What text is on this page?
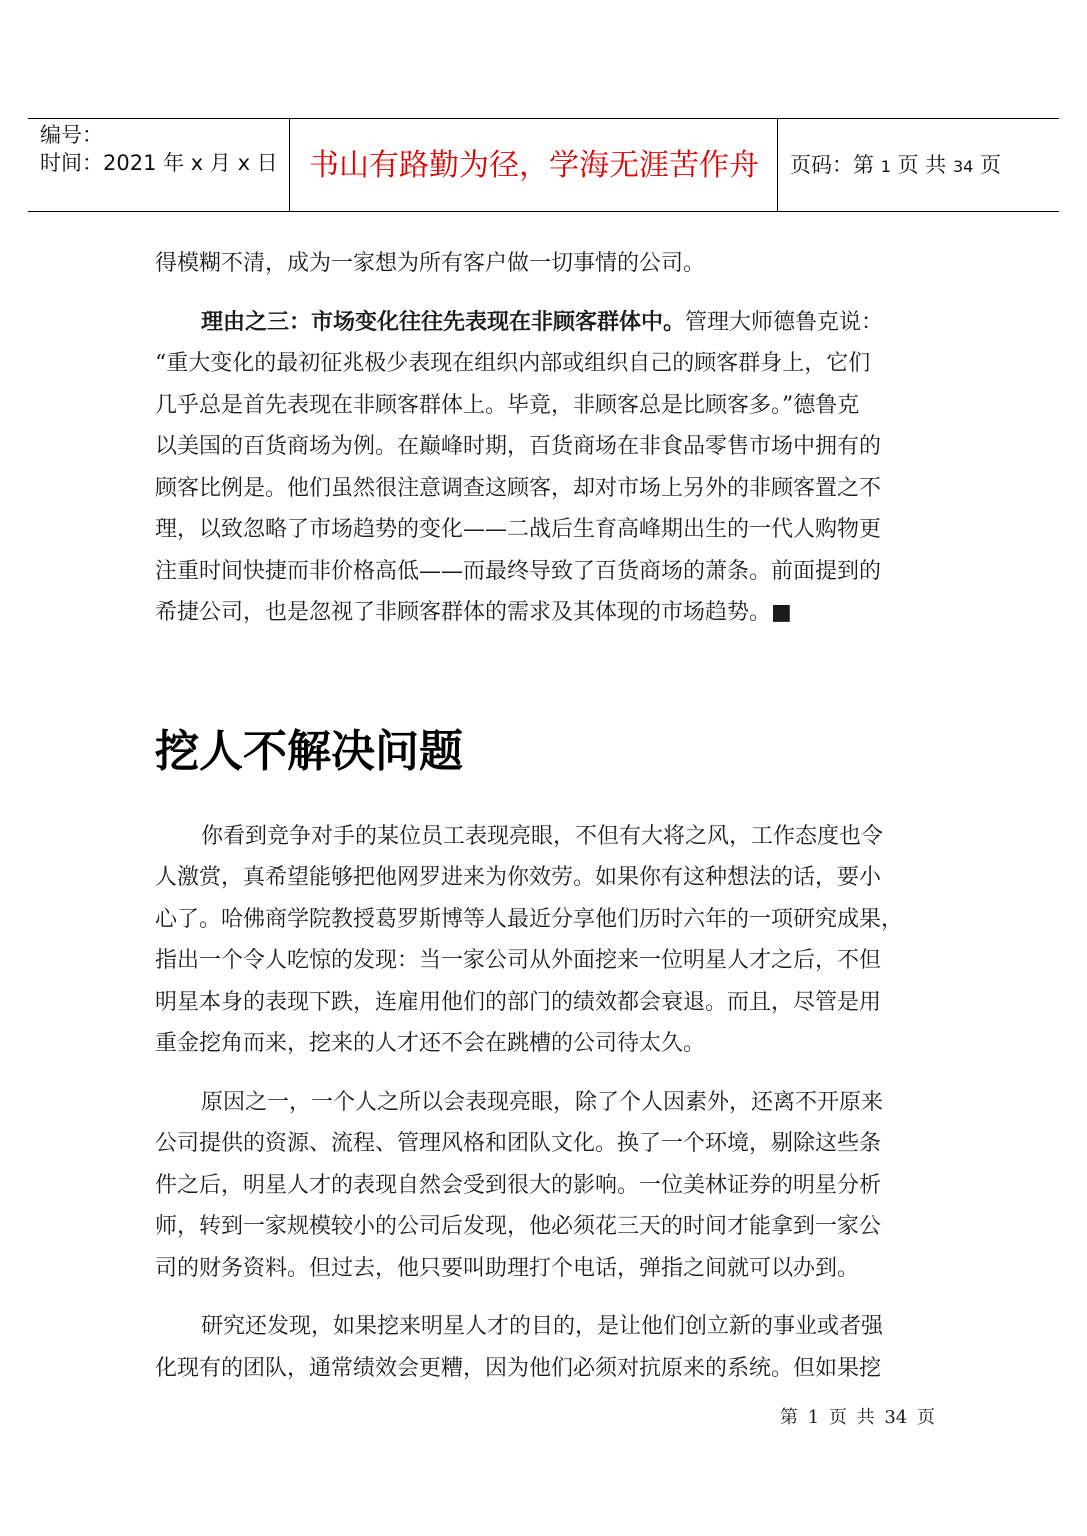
编号：
时间：2021 年 x 月 x 日	书山有路勤为径，学海无涯苦作舟	页码：第 1 页 共 34 页
得模糊不清，成为一家想为所有客户做一切事情的公司。
理由之三：市场变化往往先表现在非顾客群体中。管理大师德鲁克说：
“重大变化的最初征兆极少表现在组织内部或组织自己的顾客群身上，它们
几乎总是首先表现在非顾客群体上。毕竟，非顾客总是比顾客多。”德鲁克
以美国的百货商场为例。在巅峰时期，百货商场在非食品零售市场中拥有的
顾客比例是。他们虽然很注意调查这顾客，却对市场上另外的非顾客置之不
理，以致忽略了市场趋势的变化——二战后生育高峰期出生的一代人购物更
注重时间快捷而非价格高低——而最终导致了百货商场的萧条。前面提到的
希捷公司，也是忽视了非顾客群体的需求及其体现的市场趋势。■
挖人不解决问题
你看到竞争对手的某位员工表现亮眼，不但有大将之风，工作态度也令
人激赏，真希望能够把他网罗进来为你效劳。如果你有这种想法的话，要小
心了。哈佛商学院教授葛罗斯博等人最近分享他们历时六年的一项研究成果，
指出一个令人吃惊的发现：当一家公司从外面挖来一位明星人才之后，不但
明星本身的表现下跌，连雇用他们的部门的绩效都会衰退。而且，尽管是用
重金挖角而来，挖来的人才还不会在跳槽的公司待太久。
原因之一，一个人之所以会表现亮眼，除了个人因素外，还离不开原来
公司提供的资源、流程、管理风格和团队文化。换了一个环境，剔除这些条
件之后，明星人才的表现自然会受到很大的影响。一位美林证券的明星分析
师，转到一家规模较小的公司后发现，他必须花三天的时间才能拿到一家公
司的财务资料。但过去，他只要叫助理打个电话，弹指之间就可以办到。
研究还发现，如果挖来明星人才的目的，是让他们创立新的事业或者强
化现有的团队，通常绩效会更糟，因为他们必须对抗原来的系统。但如果挖
第 1 页 共 34 页
